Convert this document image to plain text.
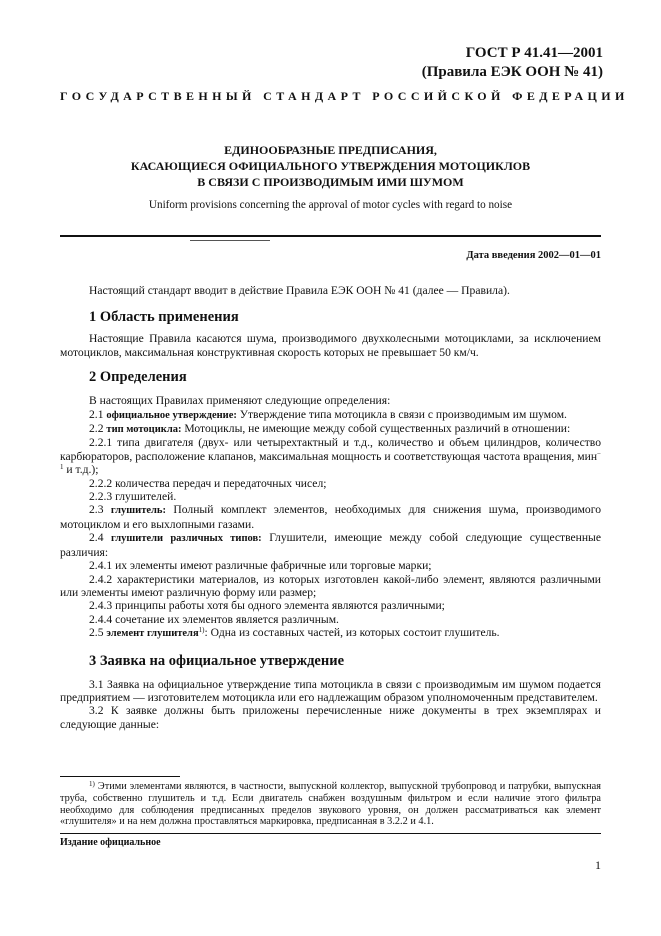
ГОСТ Р 41.41—2001
(Правила ЕЭК ООН № 41)
ГОСУДАРСТВЕННЫЙ СТАНДАРТ РОССИЙСКОЙ ФЕДЕРАЦИИ
ЕДИНООБРАЗНЫЕ ПРЕДПИСАНИЯ,
КАСАЮЩИЕСЯ ОФИЦИАЛЬНОГО УТВЕРЖДЕНИЯ МОТОЦИКЛОВ
В СВЯЗИ С ПРОИЗВОДИМЫМ ИМИ ШУМОМ
Uniform provisions concerning the approval of motor cycles with regard to noise
Дата введения 2002—01—01

Настоящий стандарт вводит в действие Правила ЕЭК ООН № 41 (далее — Правила).

1 Область применения

Настоящие Правила касаются шума, производимого двухколесными мотоциклами, за исключением мотоциклов, максимальная конструктивная скорость которых не превышает 50 км/ч.

2 Определения

В настоящих Правилах применяют следующие определения:

2.1 официальное утверждение: Утверждение типа мотоцикла в связи с производимым им шумом.

2.2 тип мотоцикла: Мотоциклы, не имеющие между собой существенных различий в отношении:

2.2.1 типа двигателя (двух- или четырехтактный и т.д., количество и объем цилиндров, количество карбюраторов, расположение клапанов, максимальная мощность и соответствующая частота вращения, мин$^{- 1}$ и т.д.);

2.2.2 количества передач и передаточных чисел;

2.2.3 глушителей.

2.3 глушитель: Полный комплект элементов, необходимых для снижения шума, производимого мотоциклом и его выхлопными газами.

2.4 глушители различных типов: Глушители, имеющие между собой следующие существенные различия:

2.4.1 их элементы имеют различные фабричные или торговые марки;

2.4.2 характеристики материалов, из которых изготовлен какой-либо элемент, являются различными или элементы имеют различную форму или размер;

2.4.3 принципы работы хотя бы одного элемента являются различными;

2.4.4 сочетание их элементов является различным.

2.5 элемент глушителя$^{1)}$: Одна из составных частей, из которых состоит глушитель.

3 Заявка на официальное утверждение

3.1 Заявка на официальное утверждение типа мотоцикла в связи с производимым им шумом подается предприятием — изготовителем мотоцикла или его надлежащим образом уполномоченным представителем.

3.2 К заявке должны быть приложены перечисленные ниже документы в трех экземплярах и следующие данные:

$^{1)}$ Этими элементами являются, в частности, выпускной коллектор, выпускной трубопровод и патрубки, выпускная труба, собственно глушитель и т.д. Если двигатель снабжен воздушным фильтром и если наличие этого фильтра необходимо для соблюдения предписанных пределов звукового уровня, он должен рассматриваться как элемент «глушителя» и на нем должна проставляться маркировка, предписанная в 3.2.2 и 4.1.

Издание официальное
1
